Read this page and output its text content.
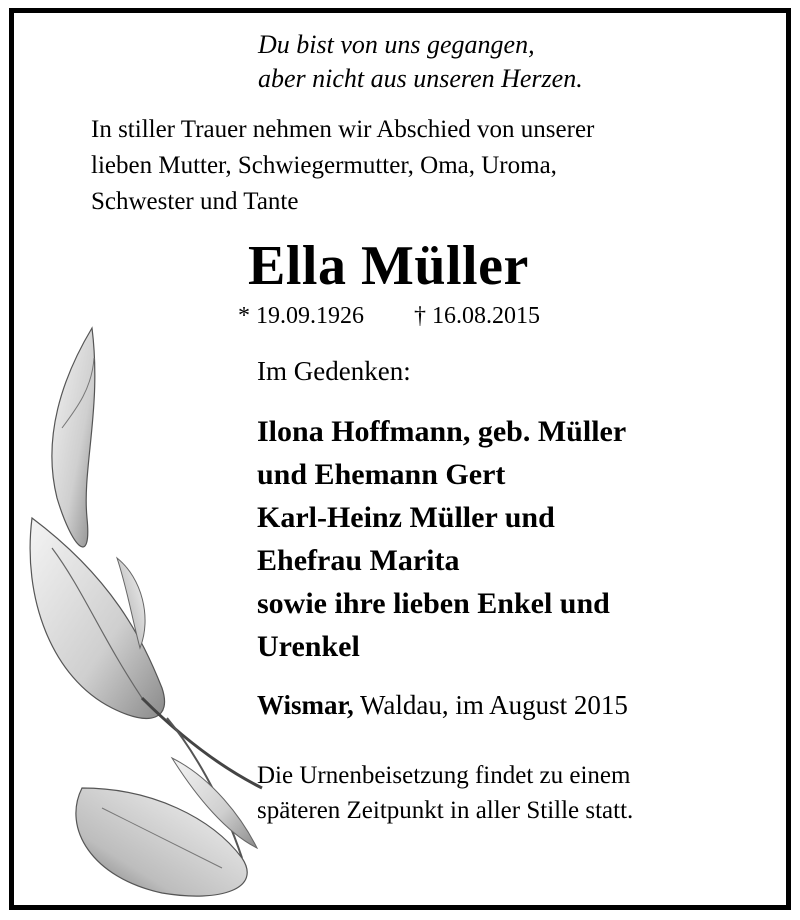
Du bist von uns gegangen,
aber nicht aus unseren Herzen.
In stiller Trauer nehmen wir Abschied von unserer
lieben Mutter, Schwiegermutter, Oma, Uroma,
Schwester und Tante
Ella Müller
* 19.09.1926 † 16.08.2015
Im Gedenken:
Ilona Hoffmann, geb. Müller
und Ehemann Gert
Karl-Heinz Müller und
Ehefrau Marita
sowie ihre lieben Enkel und
Urenkel
Wismar, Waldau, im August 2015
Die Urnenbeisetzung findet zu einem
späteren Zeitpunkt in aller Stille statt.
